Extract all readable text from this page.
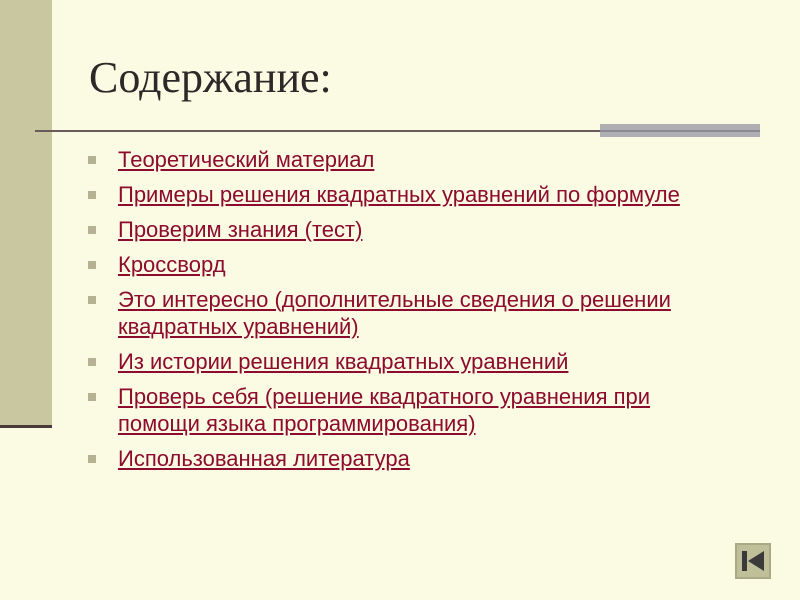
Содержание:
Теоретический материал
Примеры решения квадратных уравнений по формуле
Проверим знания (тест)
Кроссворд
Это интересно (дополнительные сведения о решении квадратных уравнений)
Из истории решения квадратных уравнений
Проверь себя (решение квадратного уравнения при помощи языка программирования)
Использованная литература
